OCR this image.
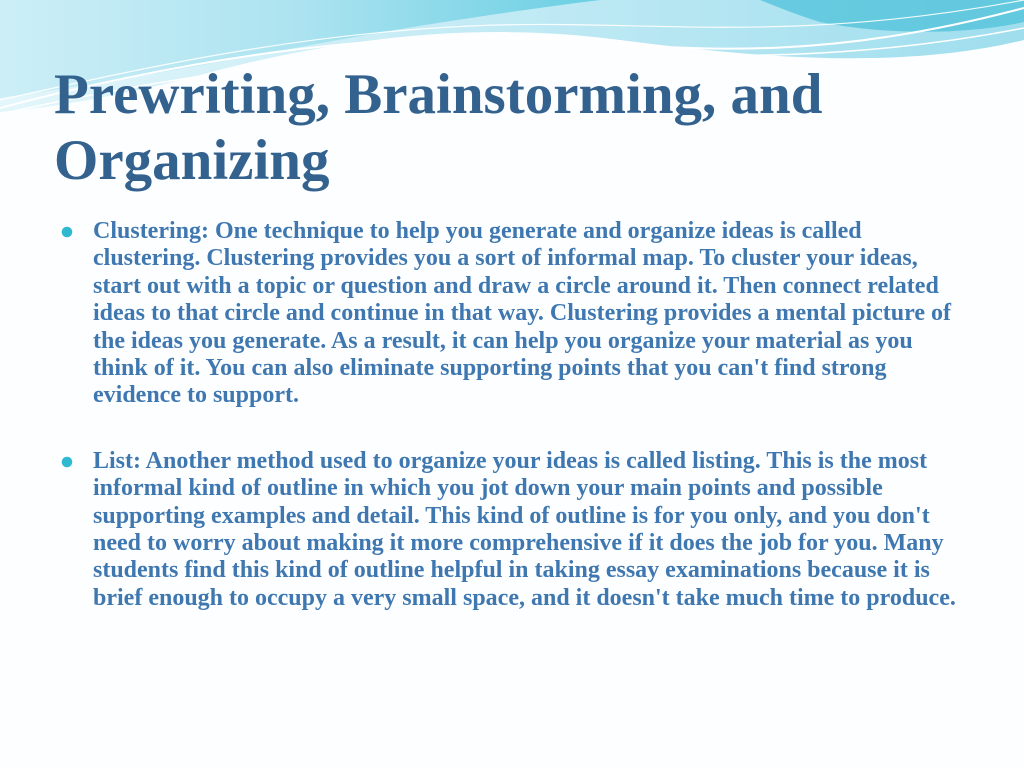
Prewriting, Brainstorming, and Organizing
Clustering: One technique to help you generate and organize ideas is called clustering. Clustering provides you a sort of informal map. To cluster your ideas, start out with a topic or question and draw a circle around it. Then connect related ideas to that circle and continue in that way. Clustering provides a mental picture of the ideas you generate. As a result, it can help you organize your material as you think of it. You can also eliminate supporting points that you can't find strong evidence to support.
List: Another method used to organize your ideas is called listing. This is the most informal kind of outline in which you jot down your main points and possible supporting examples and detail. This kind of outline is for you only, and you don't need to worry about making it more comprehensive if it does the job for you. Many students find this kind of outline helpful in taking essay examinations because it is brief enough to occupy a very small space, and it doesn't take much time to produce.
